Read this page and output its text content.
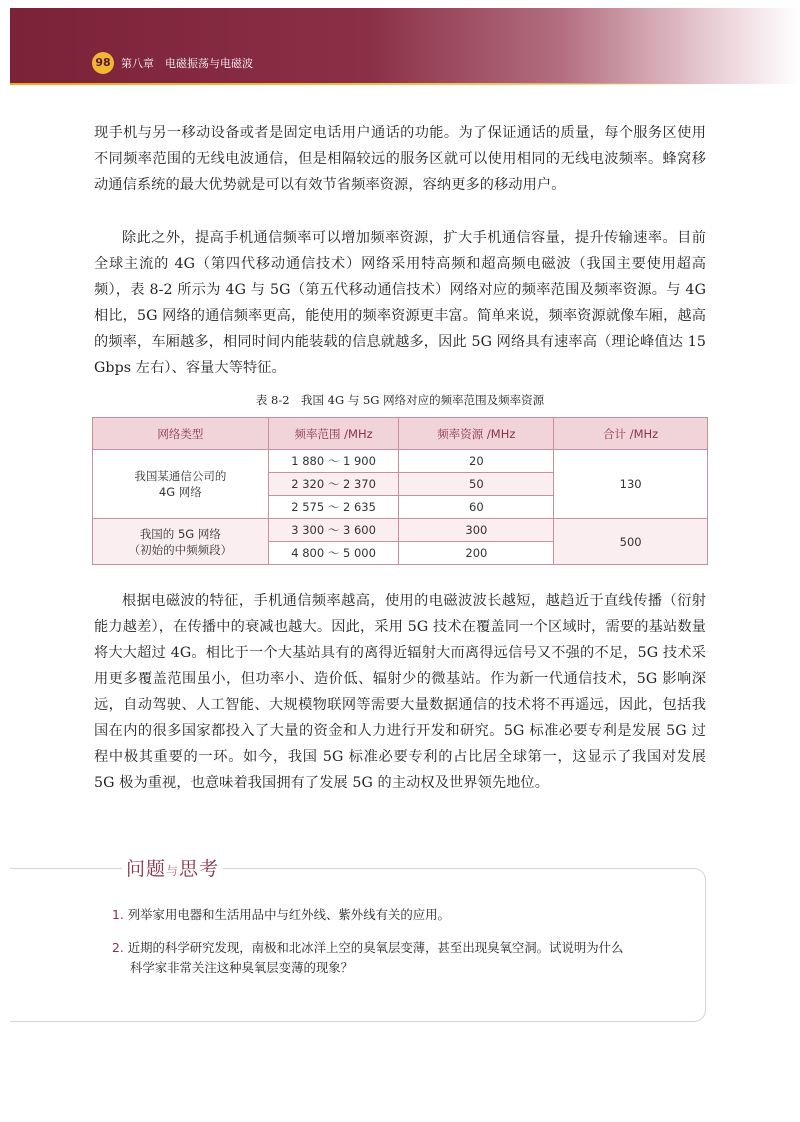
98 第八章　电磁振荡与电磁波

现手机与另一移动设备或者是固定电话用户通话的功能。为了保证通话的质量，每个服务区使用不同频率范围的无线电波通信，但是相隔较远的服务区就可以使用相同的无线电波频率。蜂窝移动通信系统的最大优势就是可以有效节省频率资源，容纳更多的移动用户。

除此之外，提高手机通信频率可以增加频率资源，扩大手机通信容量，提升传输速率。目前全球主流的 4G（第四代移动通信技术）网络采用特高频和超高频电磁波（我国主要使用超高频），表 8-2 所示为 4G 与 5G（第五代移动通信技术）网络对应的频率范围及频率资源。与 4G 相比，5G 网络的通信频率更高，能使用的频率资源更丰富。简单来说，频率资源就像车厢，越高的频率，车厢越多，相同时间内能装载的信息就越多，因此 5G 网络具有速率高（理论峰值达 15 Gbps 左右）、容量大等特征。

表 8-2　我国 4G 与 5G 网络对应的频率范围及频率资源
网络类型	频率范围 /MHz	频率资源 /MHz	合计 /MHz
我国某通信公司的
4G 网络	1 880 ～ 1 900	20	130
	2 320 ～ 2 370	50	
	2 575 ～ 2 635	60	
我国的 5G 网络
（初始的中频频段）	3 300 ～ 3 600	300	500
	4 800 ～ 5 000	200	

根据电磁波的特征，手机通信频率越高，使用的电磁波波长越短，越趋近于直线传播（衍射能力越差），在传播中的衰减也越大。因此，采用 5G 技术在覆盖同一个区域时，需要的基站数量将大大超过 4G。相比于一个大基站具有的离得近辐射大而离得远信号又不强的不足，5G 技术采用更多覆盖范围虽小，但功率小、造价低、辐射少的微基站。作为新一代通信技术，5G 影响深远，自动驾驶、人工智能、大规模物联网等需要大量数据通信的技术将不再遥远，因此，包括我国在内的很多国家都投入了大量的资金和人力进行开发和研究。5G 标准必要专利是发展 5G 过程中极其重要的一环。如今，我国 5G 标准必要专利的占比居全球第一，这显示了我国对发展 5G 极为重视，也意味着我国拥有了发展 5G 的主动权及世界领先地位。

问题与思考

1. 列举家用电器和生活用品中与红外线、紫外线有关的应用。

2. 近期的科学研究发现，南极和北冰洋上空的臭氧层变薄，甚至出现臭氧空洞。试说明为什么
科学家非常关注这种臭氧层变薄的现象？
